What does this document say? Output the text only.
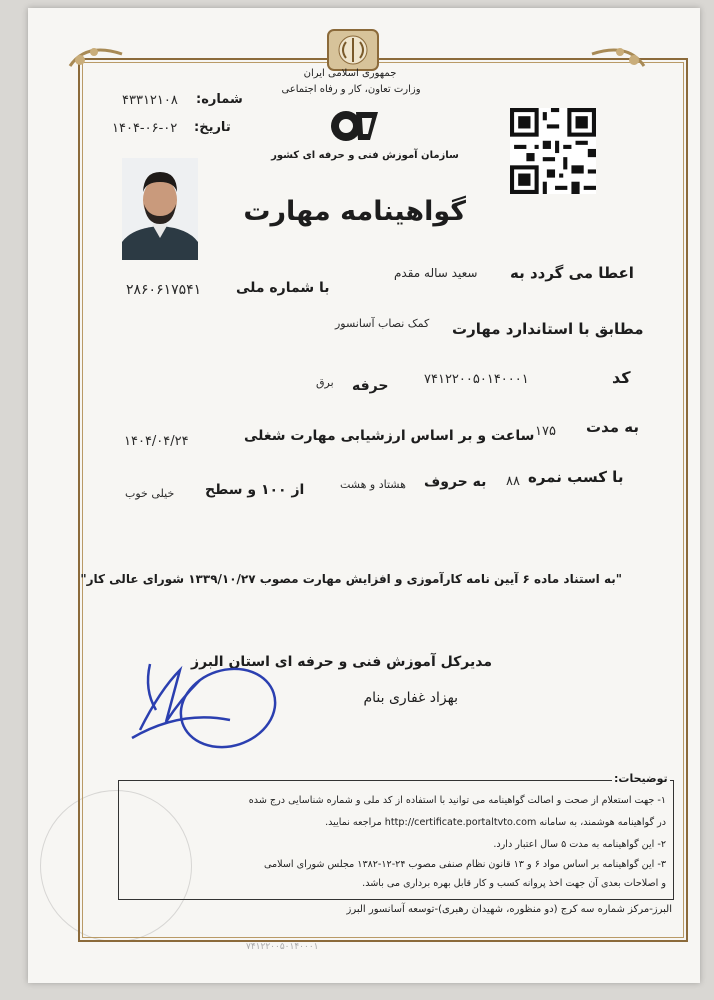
جمهوری اسلامی ایران
وزارت تعاون، کار و رفاه اجتماعی
سازمان آموزش فنی و حرفه ای کشور
شماره:
۴۳۳۱۲۱۰۸
تاریخ:
۱۴۰۴-۰۶-۰۲
گواهینامه مهارت
اعطا می گردد به
سعید ساله مقدم
با شماره ملی
۲۸۶۰۶۱۷۵۴۱
مطابق با استاندارد مهارت
کمک نصاب آسانسور
کد
۷۴۱۲۲۰۰۵۰۱۴۰۰۰۱
حرفه
برق
به مدت
۱۷۵
ساعت و بر اساس ارزشیابی مهارت شغلی
۱۴۰۴/۰۴/۲۴
با کسب نمره
۸۸
به حروف
هشتاد و هشت
از ۱۰۰ و سطح
خیلی خوب
"به استناد ماده ۶ آیین نامه کارآموزی و افزایش مهارت مصوب ۱۳۳۹/۱۰/۲۷ شورای عالی کار"
مدیرکل آموزش فنی و حرفه ای استان البرز
بهزاد غفاری بنام
توضیحات:
۱- جهت استعلام از صحت و اصالت گواهینامه می توانید با استفاده از کد ملی و شماره شناسایی درج شده
در گواهینامه هوشمند، به سامانه http://certificate.portaltvto.com مراجعه نمایید.
۲- این گواهینامه به مدت ۵ سال اعتبار دارد.
۳- این گواهینامه بر اساس مواد ۶ و ۱۳ قانون نظام صنفی مصوب ۲۴-۱۲-۱۳۸۲ مجلس شورای اسلامی
و اصلاحات بعدی آن جهت اخذ پروانه کسب و کار قابل بهره برداری می باشد.
البرز-مرکز شماره سه کرج (دو منظوره، شهیدان رهبری)-توسعه آسانسور البرز
۷۴۱۲۲۰۰۵۰۱۴۰۰۰۱
